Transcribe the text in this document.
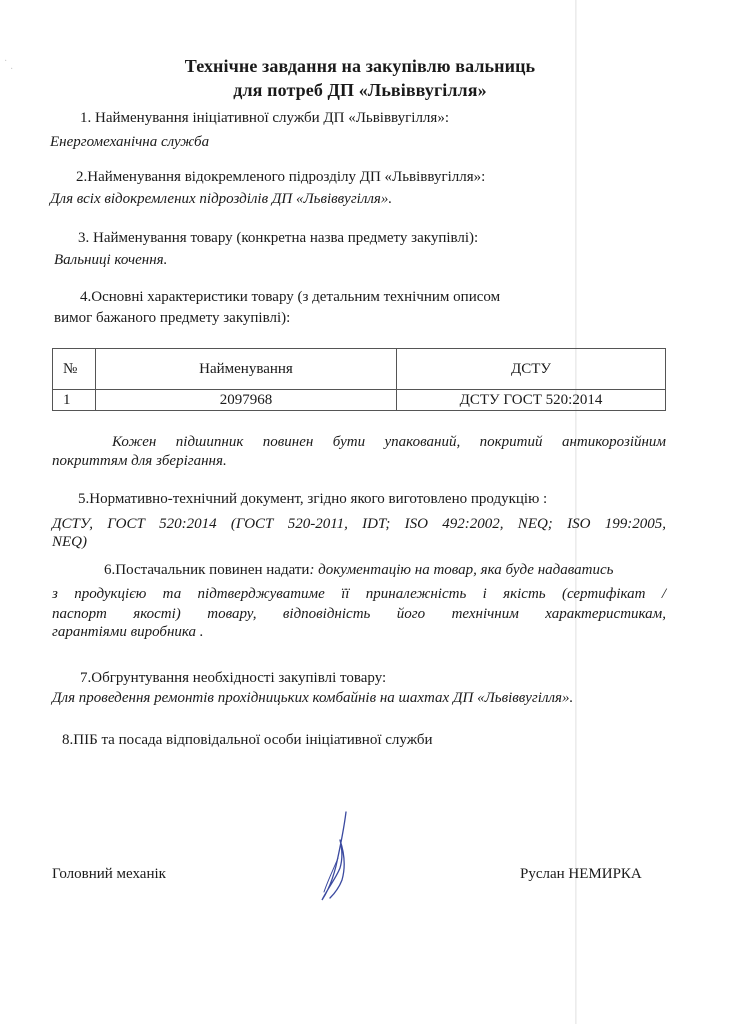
·
·	Технічне завдання на закупівлю вальниць
для потреб ДП «Львіввугілля»
1. Найменування ініціативної служби ДП «Львіввугілля»:
Енергомеханічна служба
2.Найменування відокремленого підрозділу ДП «Львіввугілля»:
Для всіх відокремлених підрозділів ДП «Львіввугілля».
3. Найменування товару (конкретна назва предмету закупівлі):
Вальниці кочення.
4.Основні характеристики товару (з детальним технічним описом
вимог бажаного предмету закупівлі):
№	Найменування	ДСТУ
1	2097968	ДСТУ ГОСТ 520:2014
Кожен підшипник повинен бути упакований, покритий антикорозійним
покриттям для зберігання.
5.Нормативно-технічний документ, згідно якого виготовлено продукцію :
ДСТУ, ГОСТ 520:2014 (ГОСТ 520-2011, IDT; ISO 492:2002, NEQ; ISO 199:2005,
NEQ)
6.Постачальник повинен надати: документацію на товар, яка буде надаватись
з продукцією та підтверджуватиме її приналежність і якість (сертифікат /
паспорт якості) товару, відповідність його технічним характеристикам,
гарантіями виробника .
7.Обгрунтування необхідності закупівлі товару:
Для проведення ремонтів прохідницьких комбайнів на шахтах ДП «Львіввугілля».
8.ПІБ та посада відповідальної особи ініціативної служби
Головний механік	Руслан НЕМИРКА
